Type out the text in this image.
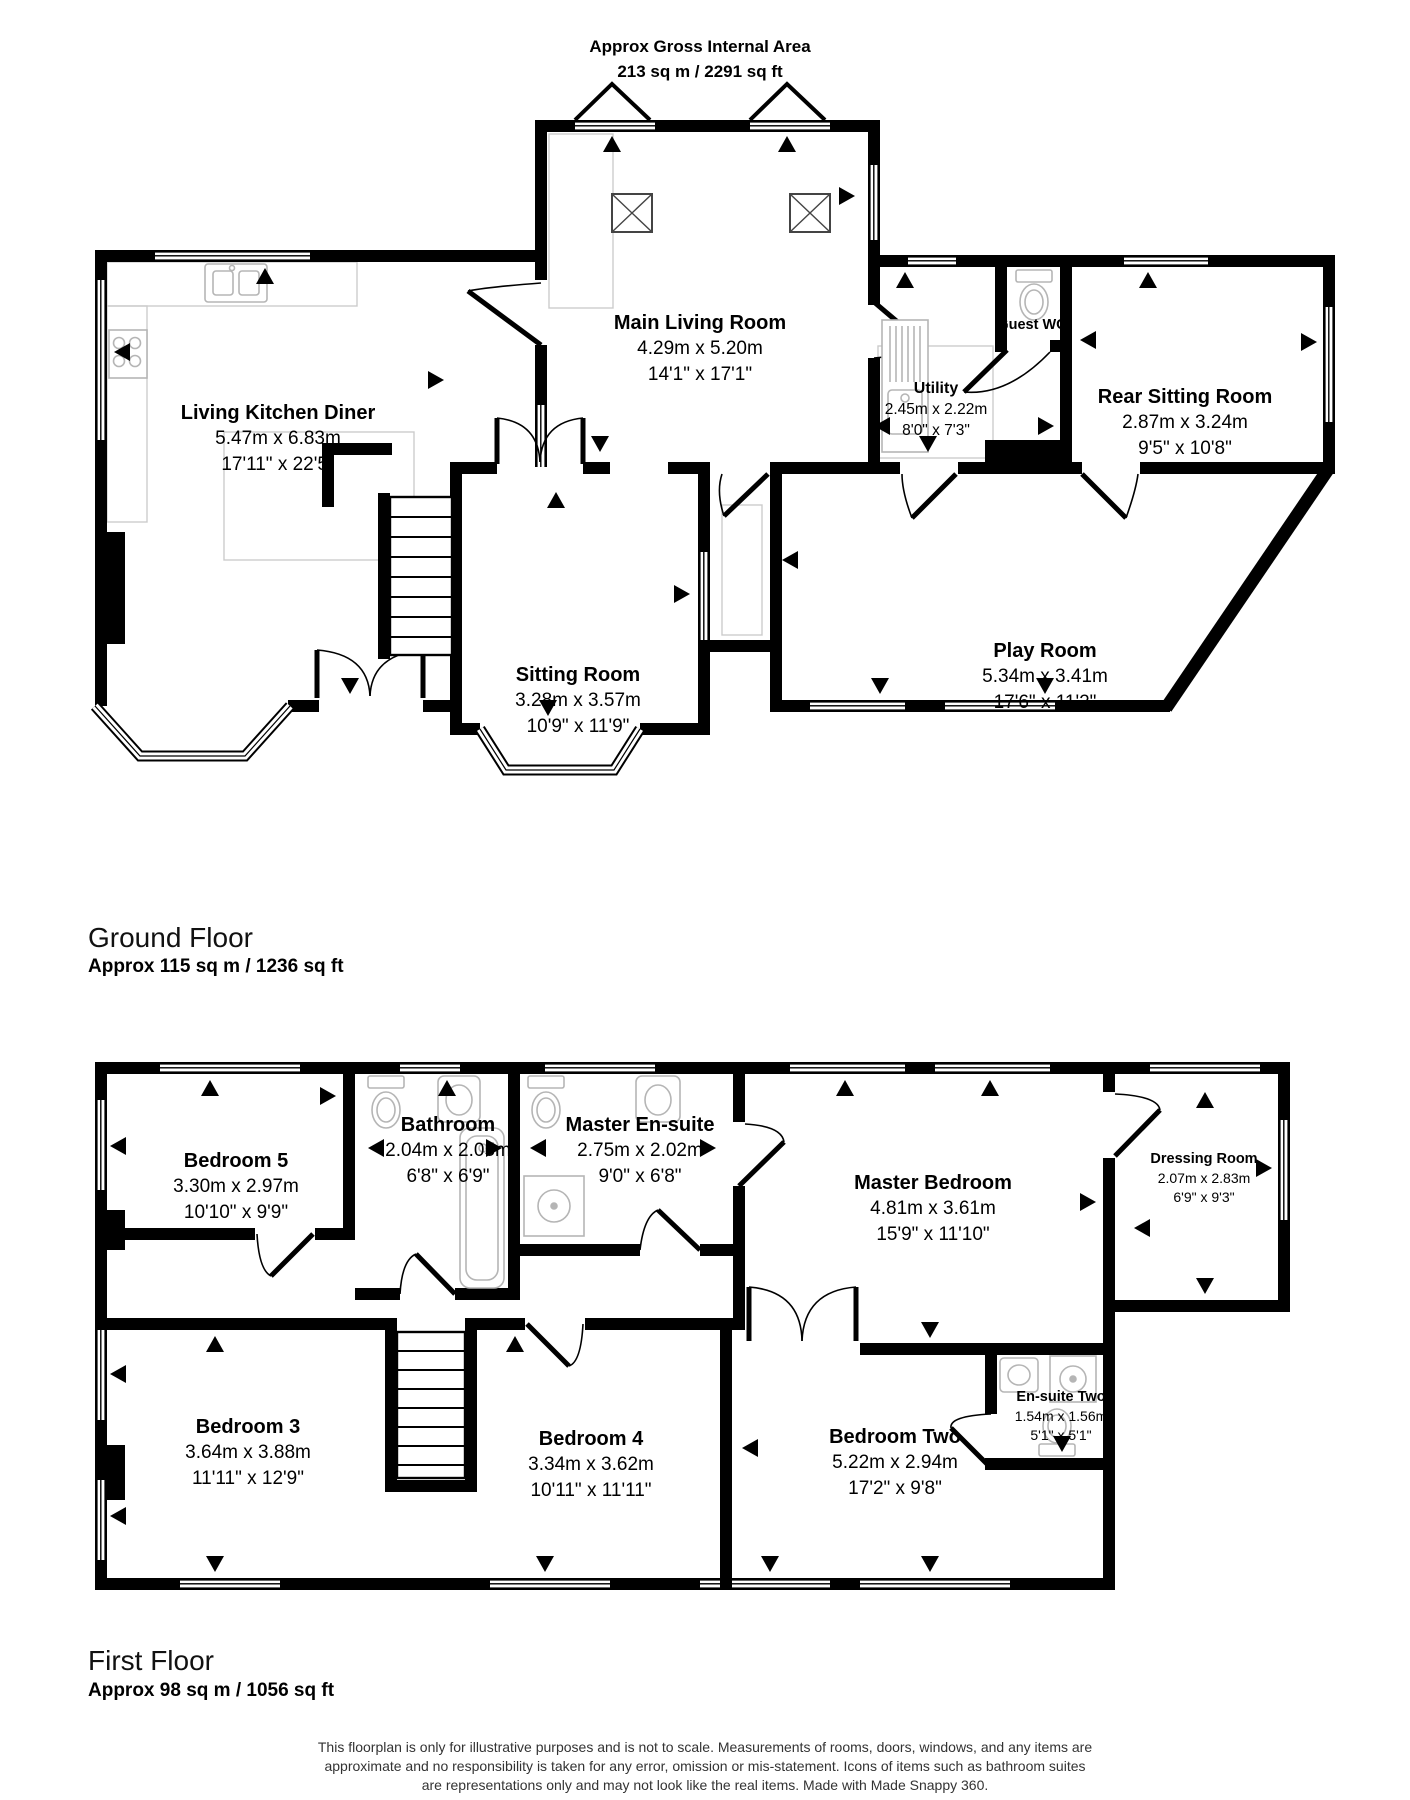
Approx Gross Internal Area
213 sq m / 2291 sq ft
Main Living Room
4.29m x 5.20m
14'1" x 17'1"
Living Kitchen Diner
5.47m x 6.83m
17'11" x 22'5"
Utility
2.45m x 2.22m
8'0" x 7'3"
Guest WC
Rear Sitting Room
2.87m x 3.24m
9'5" x 10'8"
Sitting Room
3.28m x 3.57m
10'9" x 11'9"
Play Room
5.34m x 3.41m
17'6" x 11'2"
Ground Floor
Approx 115 sq m / 1236 sq ft
Bedroom 5
3.30m x 2.97m
10'10" x 9'9"
Bathroom
2.04m x 2.05m
6'8" x 6'9"
Master En-suite
2.75m x 2.02m
9'0" x 6'8"	Master Bedroom
4.81m x 3.61m
15'9" x 11'10"
Dressing Room
2.07m x 2.83m
6'9" x 9'3"
Bedroom 3
3.64m x 3.88m
11'11" x 12'9"
Bedroom 4
3.34m x 3.62m
10'11" x 11'11"
Bedroom Two
5.22m x 2.94m
17'2" x 9'8"
En-suite Two
1.54m x 1.56m
5'1" x 5'1"
First Floor
Approx 98 sq m / 1056 sq ft
This floorplan is only for illustrative purposes and is not to scale. Measurements of rooms, doors, windows, and any items are
approximate and no responsibility is taken for any error, omission or mis-statement. Icons of items such as bathroom suites
are representations only and may not look like the real items. Made with Made Snappy 360.
